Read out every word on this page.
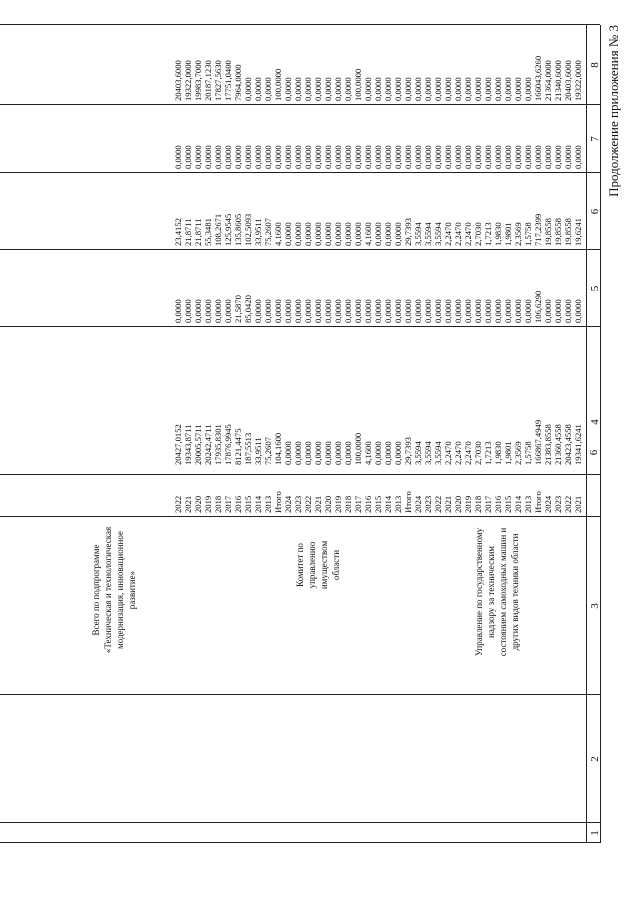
6
Продолжение приложения № 3
1
2
3
4
5
6
7
8
Управление по государственному надзору за техническим состоянием самоходных машин и других видов техники области
Комитет по управлению имуществом области
Всего по подпрограмме «Техническая и технологическая модернизация, инновационное развитие»
2021
19341,6241
0,0000
19,6241
0,0000
19322,0000
2022
20423,4558
0,0000
19,8558
0,0000
20403,6000
2023
21360,4558
0,0000
19,8558
0,0000
21340,6000
2024
21383,8558
0,0000
19,8558
0,0000
21364,0000
Итого
166867,4949
106,6290
717,2399
0,0000
166043,6260
2013
1,5758
0,0000
1,5758
0,0000
0,0000
2014
2,3569
0,0000
2,3569
0,0000
0,0000
2015
1,9801
0,0000
1,9801
0,0000
0,0000
2016
1,9830
0,0000
1,9830
0,0000
0,0000
2017
1,7213
0,0000
1,7213
0,0000
0,0000
2018
2,7030
0,0000
2,7030
0,0000
0,0000
2019
2,2470
0,0000
2,2470
0,0000
0,0000
2020
2,2470
0,0000
2,2470
0,0000
0,0000
2021
2,2470
0,0000
2,2470
0,0000
0,0000
2022
3,5594
0,0000
3,5594
0,0000
0,0000
2023
3,5594
0,0000
3,5594
0,0000
0,0000
2024
3,5594
0,0000
3,5594
0,0000
0,0000
Итого
29,7393
0,0000
29,7393
0,0000
0,0000
2013
0,0000
0,0000
0,0000
0,0000
0,0000
2014
0,0000
0,0000
0,0000
0,0000
0,0000
2015
0,0000
0,0000
0,0000
0,0000
0,0000
2016
4,1600
0,0000
4,1600
0,0000
0,0000
2017
100,0000
0,0000
0,0000
0,0000
100,0000
2018
0,0000
0,0000
0,0000
0,0000
0,0000
2019
0,0000
0,0000
0,0000
0,0000
0,0000
2020
0,0000
0,0000
0,0000
0,0000
0,0000
2021
0,0000
0,0000
0,0000
0,0000
0,0000
2022
0,0000
0,0000
0,0000
0,0000
0,0000
2023
0,0000
0,0000
0,0000
0,0000
0,0000
2024
0,0000
0,0000
0,0000
0,0000
0,0000
Итого
104,1600
0,0000
4,1600
0,0000
100,0000
2013
75,2607
0,0000
75,2607
0,0000
0,0000
2014
33,9511
0,0000
33,9511
0,0000
0,0000
2015
187,5513
85,0420
102,5093
0,0000
0,0000
2016
8121,4475
21,5870
135,8605
0,0000
7964,0000
2017
17876,9945
0,0000
125,9545
0,0000
17751,0400
2018
17935,8301
0,0000
108,2671
0,0000
17827,5630
2019
20242,4711
0,0000
55,3481
0,0000
20187,1230
2020
20005,5711
0,0000
21,8711
0,0000
19983,7000
2021
19343,8711
0,0000
21,8711
0,0000
19322,0000
2022
20427,0152
0,0000
23,4152
0,0000
20403,6000
